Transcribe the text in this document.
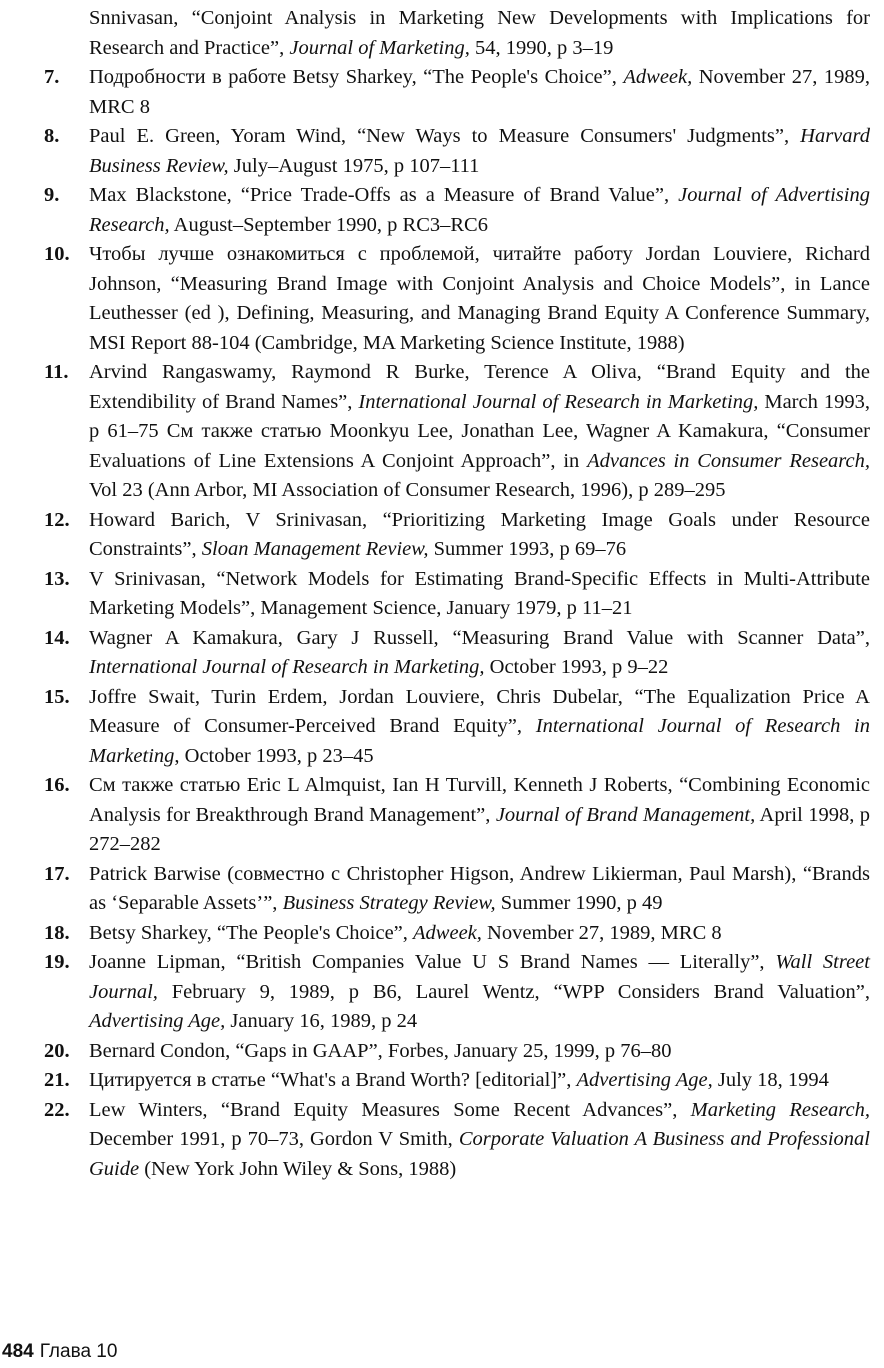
Snnivasan, “Conjoint Analysis in Marketing New Developments with Implications for Research and Practice”, Journal of Marketing, 54, 1990, p 3–19
7. Подробности в работе Betsy Sharkey, “The People's Choice”, Adweek, November 27, 1989, MRC 8
8. Paul E. Green, Yoram Wind, “New Ways to Measure Consumers' Judgments”, Harvard Business Review, July–August 1975, p 107–111
9. Max Blackstone, “Price Trade-Offs as a Measure of Brand Value”, Journal of Advertising Research, August–September 1990, p RC3–RC6
10. Чтобы лучше ознакомиться с проблемой, читайте работу Jordan Louviere, Richard Johnson, “Measuring Brand Image with Conjoint Analysis and Choice Models”, in Lance Leuthesser (ed ), Defining, Measuring, and Managing Brand Equity A Conference Summary, MSI Report 88-104 (Cambridge, MA Marketing Science Institute, 1988)
11. Arvind Rangaswamy, Raymond R Burke, Terence A Oliva, “Brand Equity and the Extendibility of Brand Names”, International Journal of Research in Marketing, March 1993, p 61–75 См также статью Moonkyu Lee, Jonathan Lee, Wagner A Kamakura, “Consumer Evaluations of Line Extensions A Conjoint Approach”, in Advances in Consumer Research, Vol 23 (Ann Arbor, MI Association of Consumer Research, 1996), p 289–295
12. Howard Barich, V Srinivasan, “Prioritizing Marketing Image Goals under Resource Constraints”, Sloan Management Review, Summer 1993, p 69–76
13. V Srinivasan, “Network Models for Estimating Brand-Specific Effects in Multi-Attribute Marketing Models”, Management Science, January 1979, p 11–21
14. Wagner A Kamakura, Gary J Russell, “Measuring Brand Value with Scanner Data”, International Journal of Research in Marketing, October 1993, p 9–22
15. Joffre Swait, Turin Erdem, Jordan Louviere, Chris Dubelar, “The Equalization Price A Measure of Consumer-Perceived Brand Equity”, International Journal of Research in Marketing, October 1993, p 23–45
16. См также статью Eric L Almquist, Ian H Turvill, Kenneth J Roberts, “Combining Economic Analysis for Breakthrough Brand Management”, Journal of Brand Management, April 1998, p 272–282
17. Patrick Barwise (совместно с Christopher Higson, Andrew Likierman, Paul Marsh), “Brands as ‘Separable Assets’”, Business Strategy Review, Summer 1990, p 49
18. Betsy Sharkey, “The People's Choice”, Adweek, November 27, 1989, MRC 8
19. Joanne Lipman, “British Companies Value U S Brand Names — Literally”, Wall Street Journal, February 9, 1989, p B6, Laurel Wentz, “WPP Considers Brand Valuation”, Advertising Age, January 16, 1989, p 24
20. Bernard Condon, “Gaps in GAAP”, Forbes, January 25, 1999, p 76–80
21. Цитируется в статье “What's a Brand Worth? [editorial]”, Advertising Age, July 18, 1994
22. Lew Winters, “Brand Equity Measures Some Recent Advances”, Marketing Research, December 1991, p 70–73, Gordon V Smith, Corporate Valuation A Business and Professional Guide (New York John Wiley & Sons, 1988)
484 Глава 10
